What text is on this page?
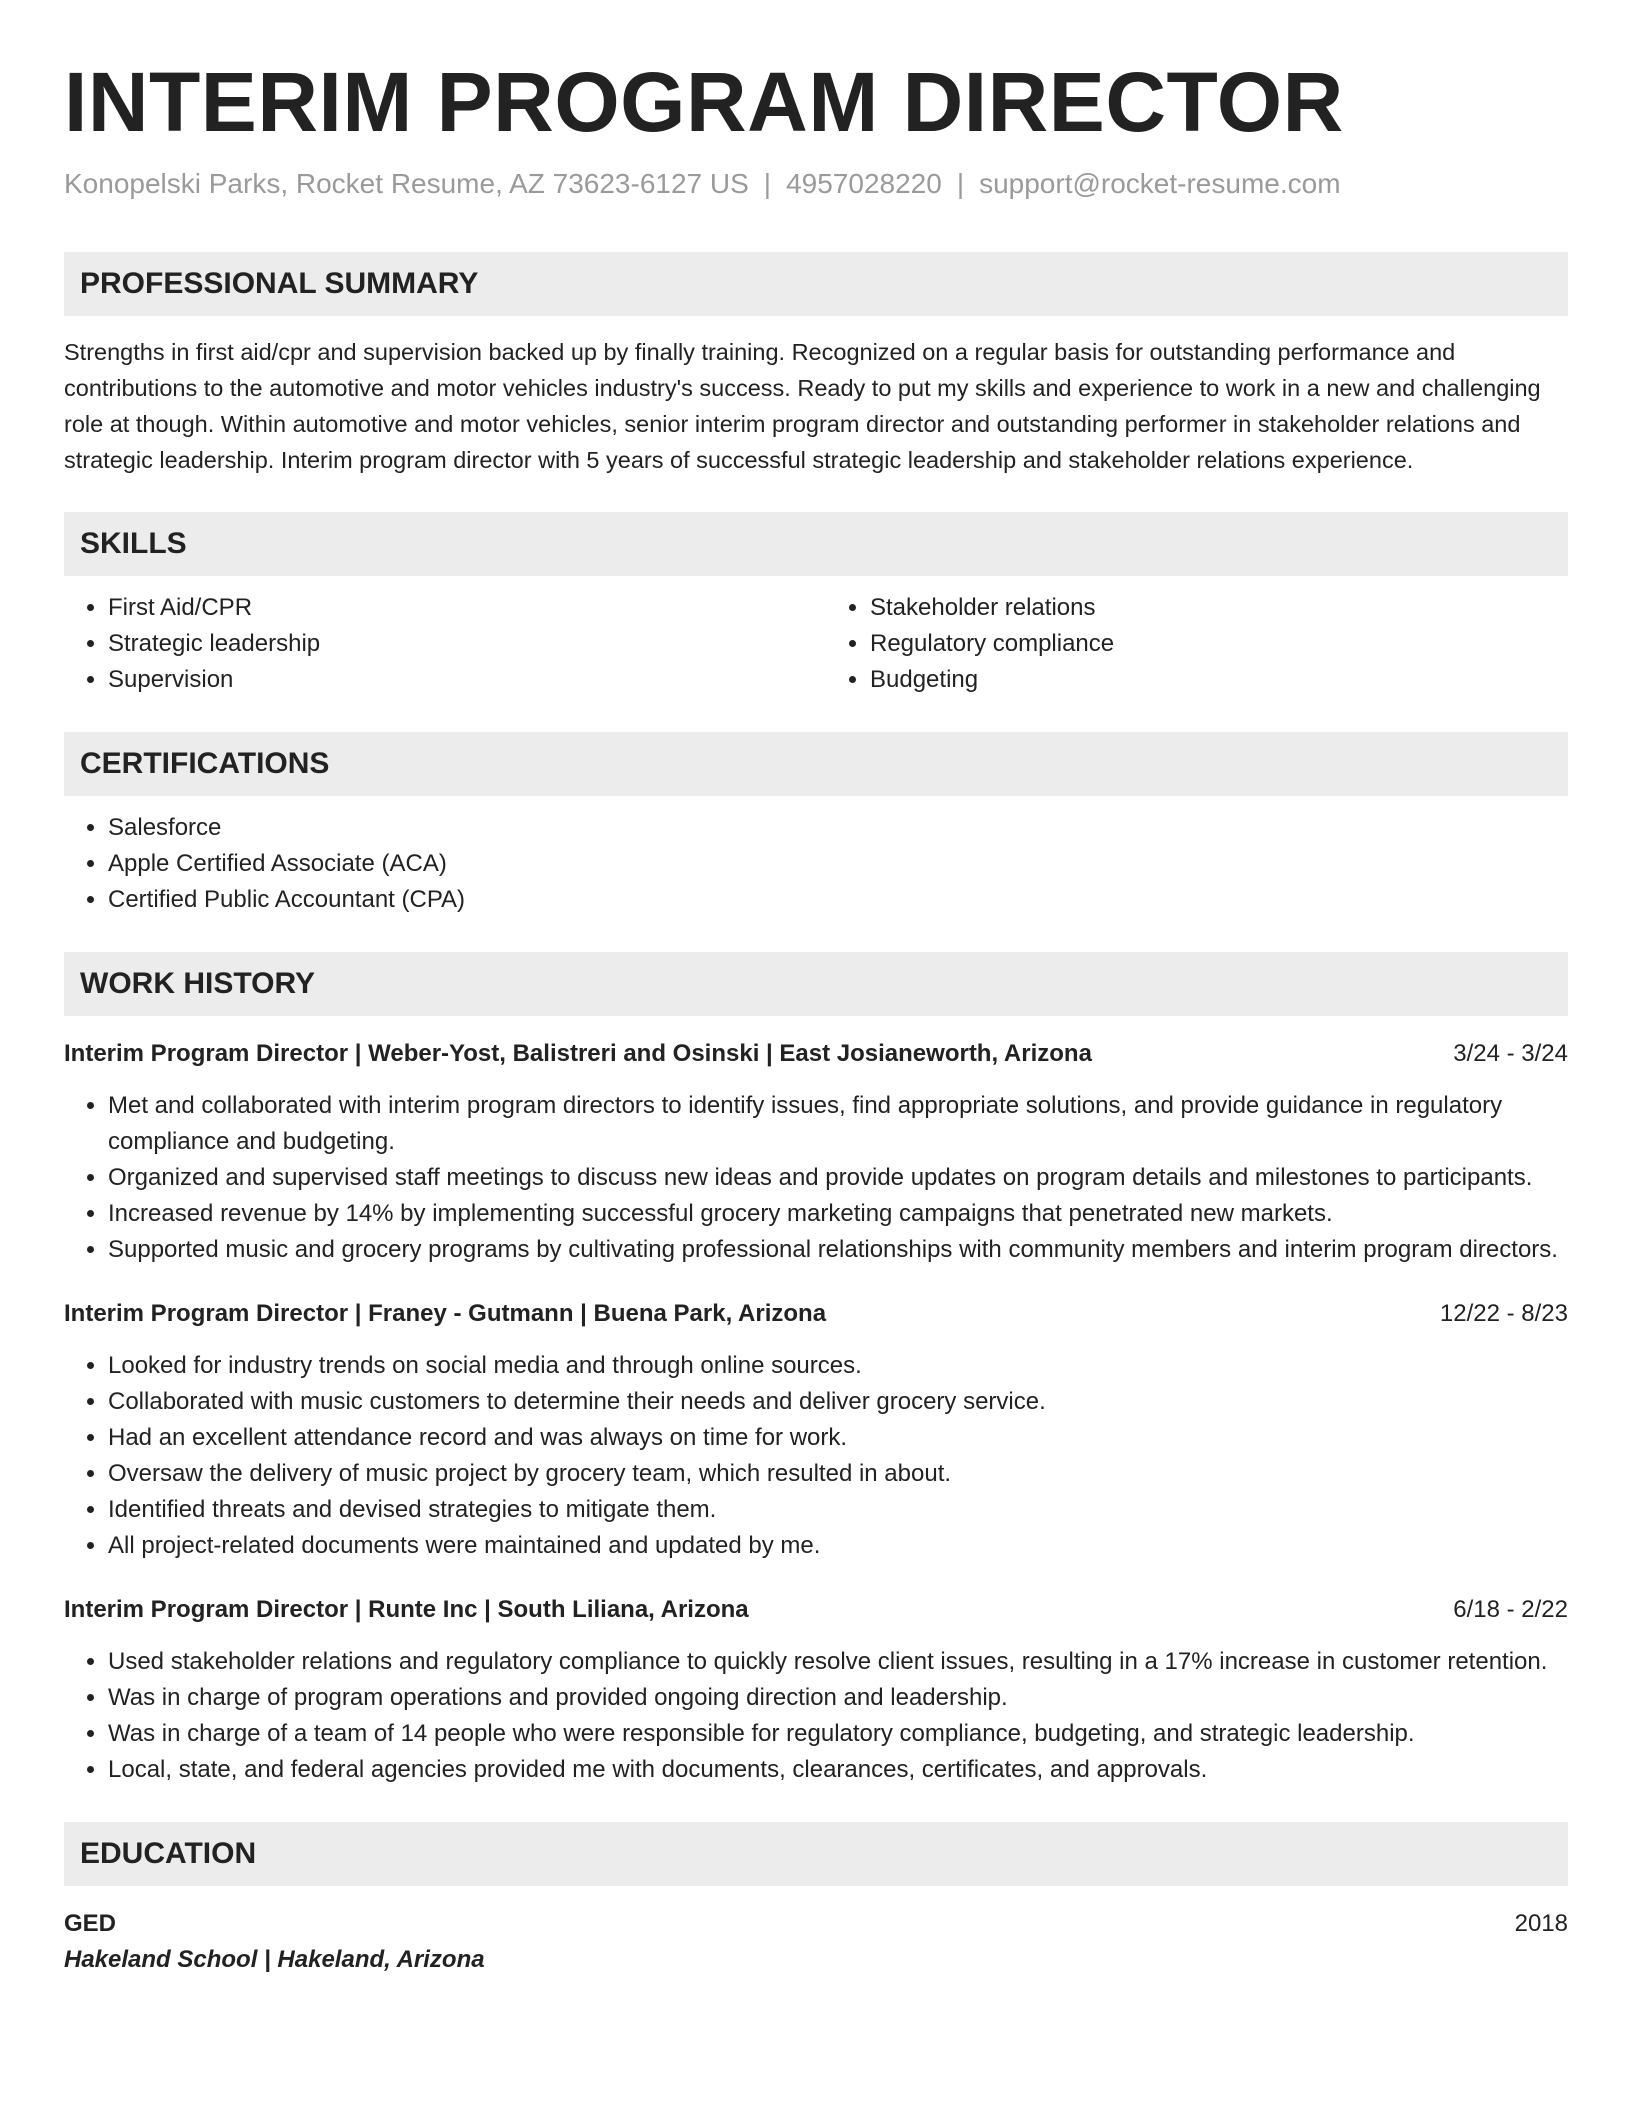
INTERIM PROGRAM DIRECTOR
Konopelski Parks, Rocket Resume, AZ 73623-6127 US | 4957028220 | support@rocket-resume.com
PROFESSIONAL SUMMARY

Strengths in first aid/cpr and supervision backed up by finally training. Recognized on a regular basis for outstanding performance and contributions to the automotive and motor vehicles industry's success. Ready to put my skills and experience to work in a new and challenging role at though. Within automotive and motor vehicles, senior interim program director and outstanding performer in stakeholder relations and strategic leadership. Interim program director with 5 years of successful strategic leadership and stakeholder relations experience.

SKILLS
• First Aid/CPR
• Strategic leadership
• Supervision
• Stakeholder relations
• Regulatory compliance
• Budgeting
CERTIFICATIONS
• Salesforce
• Apple Certified Associate (ACA)
• Certified Public Accountant (CPA)
WORK HISTORY
Interim Program Director | Weber-Yost, Balistreri and Osinski | East Josianeworth, Arizona	3/24 - 3/24
• Met and collaborated with interim program directors to identify issues, find appropriate solutions, and provide guidance in regulatory compliance and budgeting.
• Organized and supervised staff meetings to discuss new ideas and provide updates on program details and milestones to participants.
• Increased revenue by 14% by implementing successful grocery marketing campaigns that penetrated new markets.
• Supported music and grocery programs by cultivating professional relationships with community members and interim program directors.
Interim Program Director | Franey - Gutmann | Buena Park, Arizona	12/22 - 8/23
• Looked for industry trends on social media and through online sources.
• Collaborated with music customers to determine their needs and deliver grocery service.
• Had an excellent attendance record and was always on time for work.
• Oversaw the delivery of music project by grocery team, which resulted in about.
• Identified threats and devised strategies to mitigate them.
• All project-related documents were maintained and updated by me.
Interim Program Director | Runte Inc | South Liliana, Arizona	6/18 - 2/22
• Used stakeholder relations and regulatory compliance to quickly resolve client issues, resulting in a 17% increase in customer retention.
• Was in charge of program operations and provided ongoing direction and leadership.
• Was in charge of a team of 14 people who were responsible for regulatory compliance, budgeting, and strategic leadership.
• Local, state, and federal agencies provided me with documents, clearances, certificates, and approvals.
EDUCATION
GED	2018
Hakeland School | Hakeland, Arizona
